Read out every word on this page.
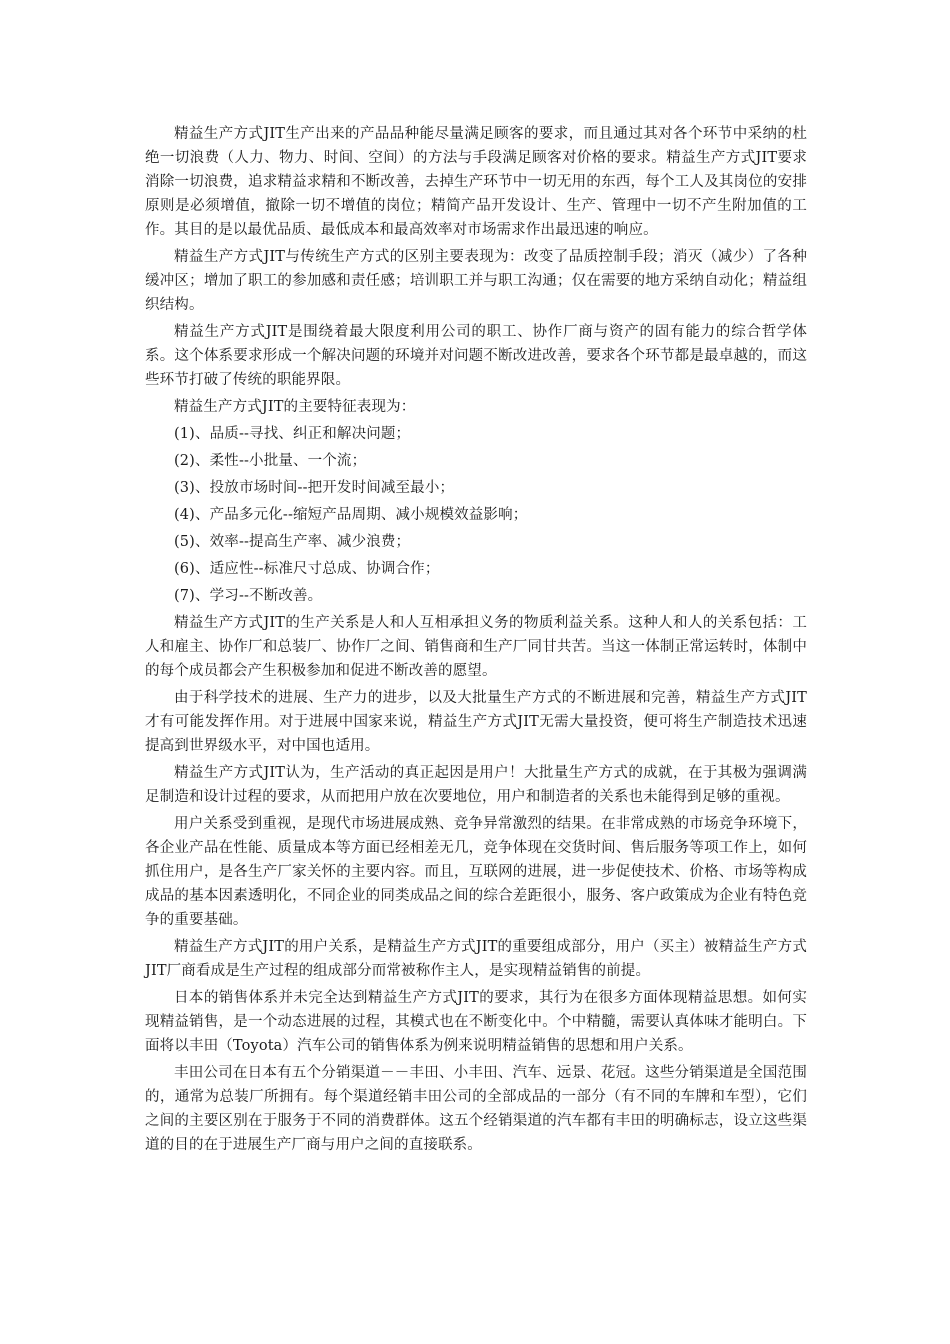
精益生产方式JIT生产出来的产品品种能尽量满足顾客的要求，而且通过其对各个环节中采纳的杜绝一切浪费（人力、物力、时间、空间）的方法与手段满足顾客对价格的要求。精益生产方式JIT要求消除一切浪费，追求精益求精和不断改善，去掉生产环节中一切无用的东西，每个工人及其岗位的安排原则是必须增值，撤除一切不增值的岗位；精简产品开发设计、生产、管理中一切不产生附加值的工作。其目的是以最优品质、最低成本和最高效率对市场需求作出最迅速的响应。

精益生产方式JIT与传统生产方式的区别主要表现为：改变了品质控制手段；消灭（减少）了各种缓冲区；增加了职工的参加感和责任感；培训职工并与职工沟通；仅在需要的地方采纳自动化；精益组织结构。

精益生产方式JIT是围绕着最大限度利用公司的职工、协作厂商与资产的固有能力的综合哲学体系。这个体系要求形成一个解决问题的环境并对问题不断改进改善，要求各个环节都是最卓越的，而这些环节打破了传统的职能界限。

精益生产方式JIT的主要特征表现为：

(1)、品质--寻找、纠正和解决问题；

(2)、柔性--小批量、一个流；

(3)、投放市场时间--把开发时间减至最小；

(4)、产品多元化--缩短产品周期、减小规模效益影响；

(5)、效率--提高生产率、减少浪费；

(6)、适应性--标准尺寸总成、协调合作；

(7)、学习--不断改善。

精益生产方式JIT的生产关系是人和人互相承担义务的物质利益关系。这种人和人的关系包括：工人和雇主、协作厂和总装厂、协作厂之间、销售商和生产厂同甘共苦。当这一体制正常运转时，体制中的每个成员都会产生积极参加和促进不断改善的愿望。

由于科学技术的进展、生产力的进步，以及大批量生产方式的不断进展和完善，精益生产方式JIT才有可能发挥作用。对于进展中国家来说，精益生产方式JIT无需大量投资，便可将生产制造技术迅速提高到世界级水平，对中国也适用。

精益生产方式JIT认为，生产活动的真正起因是用户！大批量生产方式的成就，在于其极为强调满足制造和设计过程的要求，从而把用户放在次要地位，用户和制造者的关系也未能得到足够的重视。

用户关系受到重视，是现代市场进展成熟、竞争异常激烈的结果。在非常成熟的市场竞争环境下，各企业产品在性能、质量成本等方面已经相差无几，竞争体现在交货时间、售后服务等项工作上，如何抓住用户，是各生产厂家关怀的主要内容。而且，互联网的进展，进一步促使技术、价格、市场等构成成品的基本因素透明化，不同企业的同类成品之间的综合差距很小，服务、客户政策成为企业有特色竞争的重要基础。

精益生产方式JIT的用户关系，是精益生产方式JIT的重要组成部分，用户（买主）被精益生产方式JIT厂商看成是生产过程的组成部分而常被称作主人，是实现精益销售的前提。

日本的销售体系并未完全达到精益生产方式JIT的要求，其行为在很多方面体现精益思想。如何实现精益销售，是一个动态进展的过程，其模式也在不断变化中。个中精髓，需要认真体味才能明白。下面将以丰田（Toyota）汽车公司的销售体系为例来说明精益销售的思想和用户关系。

丰田公司在日本有五个分销渠道－－丰田、小丰田、汽车、远景、花冠。这些分销渠道是全国范围的，通常为总装厂所拥有。每个渠道经销丰田公司的全部成品的一部分（有不同的车牌和车型），它们之间的主要区别在于服务于不同的消费群体。这五个经销渠道的汽车都有丰田的明确标志，设立这些渠道的目的在于进展生产厂商与用户之间的直接联系。
